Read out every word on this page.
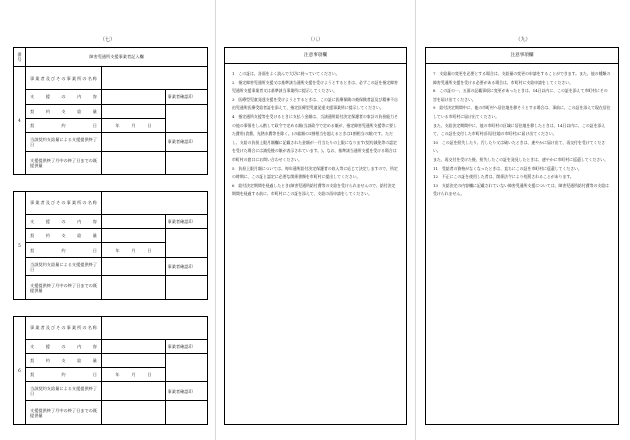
（七）
番号	障害児通所支援事業者記入欄		
4	事業者及びその事業所の名称		
	支援の内容		事業者確認印
	契約支給量		
	契約日	年 月 日	

	当該契約支給量による支援提供終了日		事業者確認印
	支援提供終了月中の終了日までの既提供量		

5	事業者及びその事業所の名称		
	支援の内容		事業者確認印
	契約支給量		
	契約日	年 月 日	

	当該契約支給量による支援提供終了日		事業者確認印
	支援提供終了月中の終了日までの既提供量		

6	事業者及びその事業所の名称		
	支援の内容		事業者確認印
	契約支給量		
	契約日	年 月 日	

	当該契約支給量による支援提供終了日		事業者確認印
	支援提供終了月中の終了日までの既提供量		
（八）
注意事項欄

1　この証は、各面をよく読んで大切に持っていてください。

2　指定障害児通所支援又は基準該当通所支援を受けようとするときは、必ずこの証を指定障害児通所支援事業者又は基準該当事業所に提示してください。

3　医療型児童発達支援を受けようとするときは、この証に医療保険の被保険者証及び精神不自由児通所医療受給者証を添えて、指定医療型児童発達支援事業所に提示してください。

4　指定通所支援等を受けるときに支払う金額は、当該通所給付決定保護者の家計の負担能力その他の事情をしん酌して政令で定める額(当該政令で定める額が、指定障害児通所支援等に要した費用(食費、光熱水費等を除く。)の総額の1割相当を超えるときは1割相当の額)です。ただし、支給の負担上限月額欄に記載された金額が一月当たりの上限になります(契約減免等の認定を受けた場合には減免後の額が表示されています。)。なお、基準該当通所支援を受ける場合は市町村の窓口にお問い合わせください。

5　負担上限月額については、毎年通所給付決定保護者の収入等に応じて決定しますので、所定の時期に、この証と認定に必要な関係書類を市町村に提出してください。

6　給付決定期間を経過したとき(障害児通所給付費等の支給を受けられませんので、給付決定期間を経過する前に、市町村にこの証を添えて、支給の再申請をしてください。

（九）
注意事項欄

7　支給量の変更を必要とする場合は、支給量の変更の申請をすることができます。また、他の種類の障害児通所支援を受ける必要がある場合は、市町村に支給申請をしてください。

8　この証の一、五面の記載事項に変更があったときは、14日以内に、この証を添えて市町村にその旨を届け出てください。

9　給付決定期間中に、他の市町村へ居住地を移そうとする場合は、事前に、この証を添えて現在居住している市町村に届け出てください。

また、支給決定期間中に、他の市町村の区域に居住地を移したときは、14日以内に、この証を添えて、この証を交付した市町村(旧居住地の市町村)に届け出てください。

10　この証を紛失したり、汚したり又は破いたときは、速やかに届け出て、再交付を受けてください。

また、再交付を受けた後、紛失したこの証を発見したときは、速やかに市町村に返還してください。

11　受給者の資格がなくなったときは、直ちにこの証を市町村に返還してください。

12　不正にこの証を使用した者は、関係法令により処罰されることがあります。

13　支給決定の内容欄に記載されていない障害児通所支援については、障害児通所給付費等の支給は受けられません。
